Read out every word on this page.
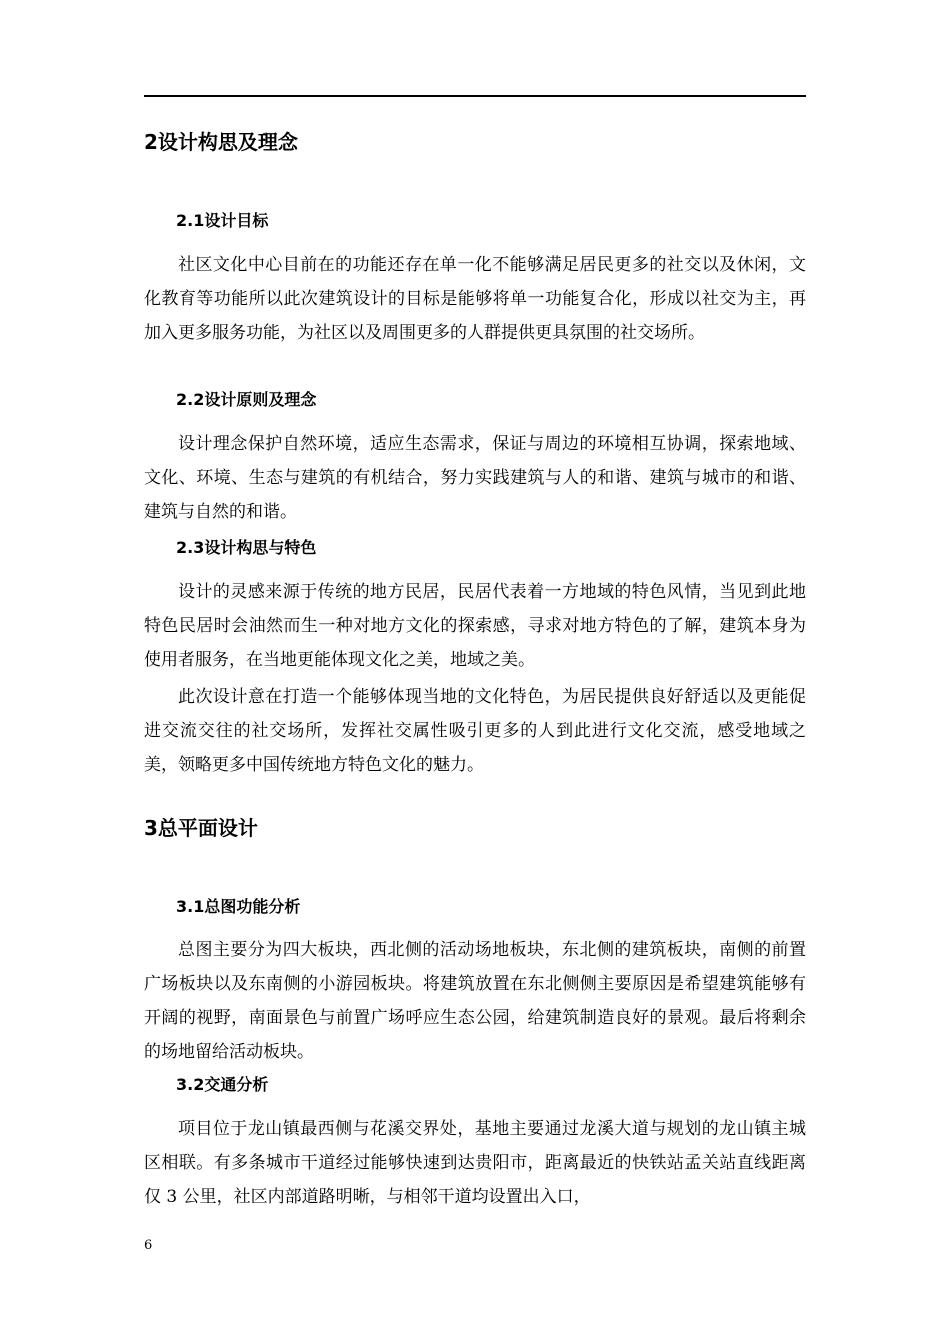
2设计构思及理念
2.1设计目标

社区文化中心目前在的功能还存在单一化不能够满足居民更多的社交以及休闲，文化教育等功能所以此次建筑设计的目标是能够将单一功能复合化，形成以社交为主，再加入更多服务功能，为社区以及周围更多的人群提供更具氛围的社交场所。

2.2设计原则及理念

设计理念保护自然环境，适应生态需求，保证与周边的环境相互协调，探索地域、文化、环境、生态与建筑的有机结合，努力实践建筑与人的和谐、建筑与城市的和谐、建筑与自然的和谐。

2.3设计构思与特色

设计的灵感来源于传统的地方民居，民居代表着一方地域的特色风情，当见到此地特色民居时会油然而生一种对地方文化的探索感，寻求对地方特色的了解，建筑本身为使用者服务，在当地更能体现文化之美，地域之美。

此次设计意在打造一个能够体现当地的文化特色，为居民提供良好舒适以及更能促进交流交往的社交场所，发挥社交属性吸引更多的人到此进行文化交流，感受地域之美，领略更多中国传统地方特色文化的魅力。

3总平面设计
3.1总图功能分析

总图主要分为四大板块，西北侧的活动场地板块，东北侧的建筑板块，南侧的前置广场板块以及东南侧的小游园板块。将建筑放置在东北侧侧主要原因是希望建筑能够有开阔的视野，南面景色与前置广场呼应生态公园，给建筑制造良好的景观。最后将剩余的场地留给活动板块。

3.2交通分析

项目位于龙山镇最西侧与花溪交界处，基地主要通过龙溪大道与规划的龙山镇主城区相联。有多条城市干道经过能够快速到达贵阳市，距离最近的快铁站孟关站直线距离仅 3 公里，社区内部道路明晰，与相邻干道均设置出入口，

6
